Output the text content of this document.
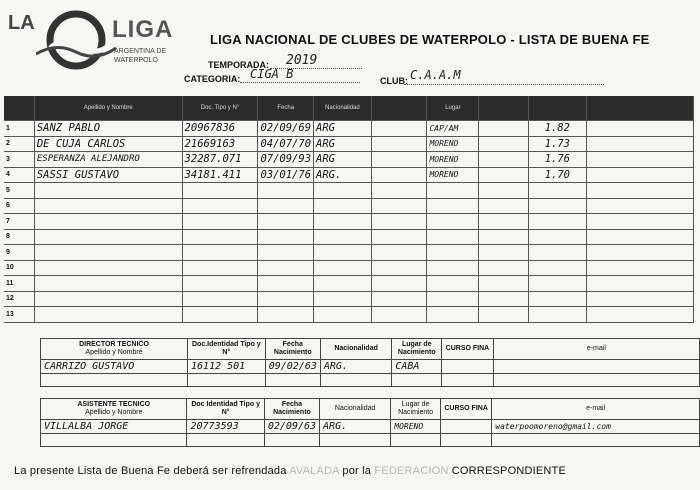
LA	LIGA
ARGENTINA DE
WATERPOLO
LIGA NACIONAL DE CLUBES DE WATERPOLO - LISTA DE BUENA FE
TEMPORADA: 2019
CATEGORIA: CIGA B	CLUB: C.A.A.M
	Apellido y Nombre	Doc. Tipo y N°	Fecha	Nacionalidad		Lugar			
1	SANZ PABLO	20967836	02/09/69	ARG		CAP/AM		1.82	
2	DE CUJA CARLOS	21669163	04/07/70	ARG		MORENO		1.73	
3	ESPERANZA ALEJANDRO	32287.071	07/09/93	ARG		MORENO		1.76	
4	SASSI GUSTAVO	34181.411	03/01/76	ARG.		MORENO		1.70	
5									
6									
7									
8									
9									
10									
11									
12									
13									
DIRECTOR TECNICO
Apellido y Nombre	Doc.Identidad Tipo y N°	Fecha Nacimiento	Nacionalidad	Lugar de Nacimiento	CURSO FINA	e-mail
CARRIZO GUSTAVO	16112 501	09/02/63	ARG.	CABA		

ASISTENTE TECNICO
Apellido y Nombre	Doc Identidad Tipo y N°	Fecha Nacimiento	Nacionalidad	Lugar de Nacimiento	CURSO FINA	e-mail
VILLALBA JORGE	20773593	02/09/63	ARG.	MORENO		waterpoomoreno@gmail.com

La presente Lista de Buena Fe deberá ser refrendada AVALADA por la FEDERACION CORRESPONDIENTE
